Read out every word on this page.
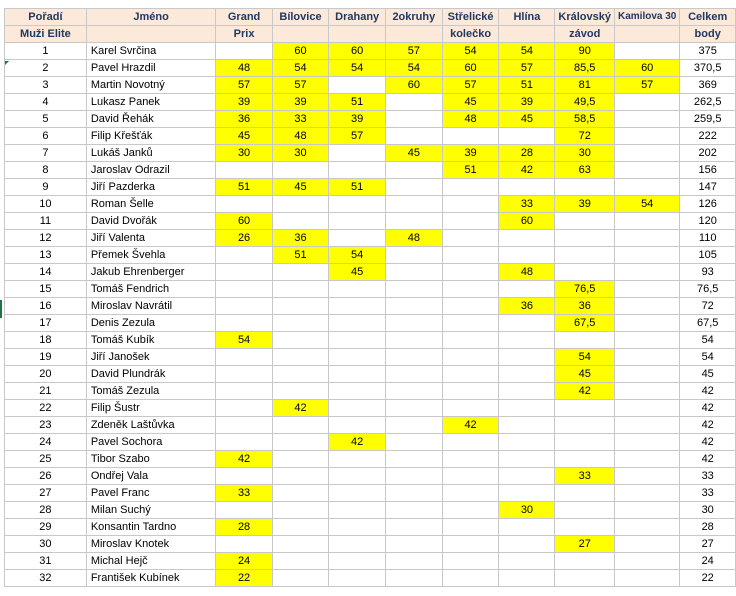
Pořadí	Jméno	Grand	Bílovice	Drahany	2okruhy	Střelické	Hlína	Královský	Kamilova 30	Celkem
Muži Elite		Prix				kolečko		závod		body
1	Karel Svrčina		60	60	57	54	54	90		375
2	Pavel Hrazdil	48	54	54	54	60	57	85,5	60	370,5
3	Martin Novotný	57	57		60	57	51	81	57	369
4	Lukasz Panek	39	39	51		45	39	49,5		262,5
5	David Řehák	36	33	39		48	45	58,5		259,5
6	Filip Křešťák	45	48	57				72		222
7	Lukáš Janků	30	30		45	39	28	30		202
8	Jaroslav Odrazil					51	42	63		156
9	Jiří Pazderka	51	45	51						147
10	Roman Šelle						33	39	54	126
11	David Dvořák	60					60			120
12	Jiří Valenta	26	36		48					110
13	Přemek Švehla		51	54						105
14	Jakub Ehrenberger			45			48			93
15	Tomáš Fendrich							76,5		76,5
16	Miroslav Navrátil						36	36		72
17	Denis Zezula							67,5		67,5
18	Tomáš Kubík	54								54
19	Jiří Janošek							54		54
20	David Plundrák							45		45
21	Tomáš Zezula							42		42
22	Filip Šustr		42							42
23	Zdeněk Laštůvka					42				42
24	Pavel Sochora			42						42
25	Tibor Szabo	42								42
26	Ondřej Vala							33		33
27	Pavel Franc	33								33
28	Milan Suchý						30			30
29	Konsantin Tardno	28								28
30	Miroslav Knotek							27		27
31	Michal Hejč	24								24
32	František Kubínek	22								22
